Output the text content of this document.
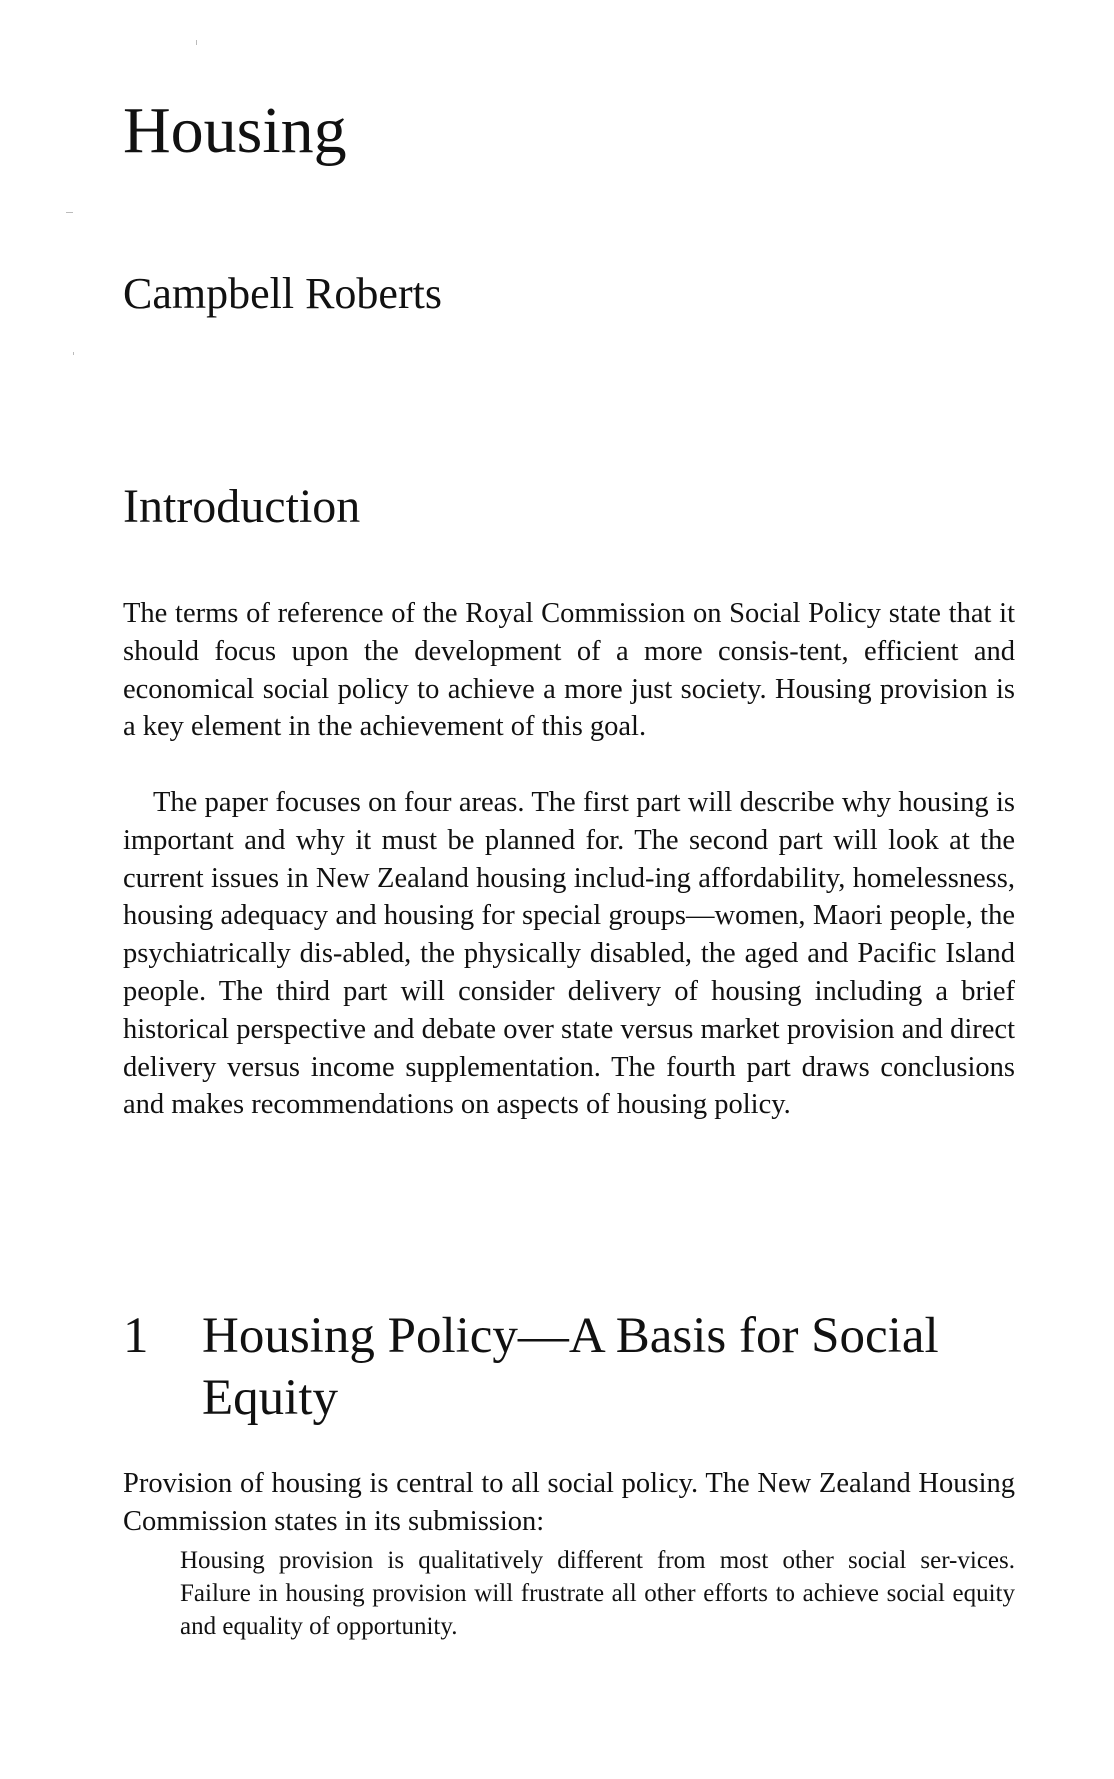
Housing
Campbell Roberts
Introduction

The terms of reference of the Royal Commission on Social Policy state that it should focus upon the development of a more consis-tent, efficient and economical social policy to achieve a more just society. Housing provision is a key element in the achievement of this goal.

The paper focuses on four areas. The first part will describe why housing is important and why it must be planned for. The second part will look at the current issues in New Zealand housing includ-ing affordability, homelessness, housing adequacy and housing for special groups—women, Maori people, the psychiatrically dis-abled, the physically disabled, the aged and Pacific Island people. The third part will consider delivery of housing including a brief historical perspective and debate over state versus market provision and direct delivery versus income supplementation. The fourth part draws conclusions and makes recommendations on aspects of housing policy.

1 Housing Policy—A Basis for Social Equity

Provision of housing is central to all social policy. The New Zealand Housing Commission states in its submission:

Housing provision is qualitatively different from most other social ser-vices. Failure in housing provision will frustrate all other efforts to achieve social equity and equality of opportunity.
